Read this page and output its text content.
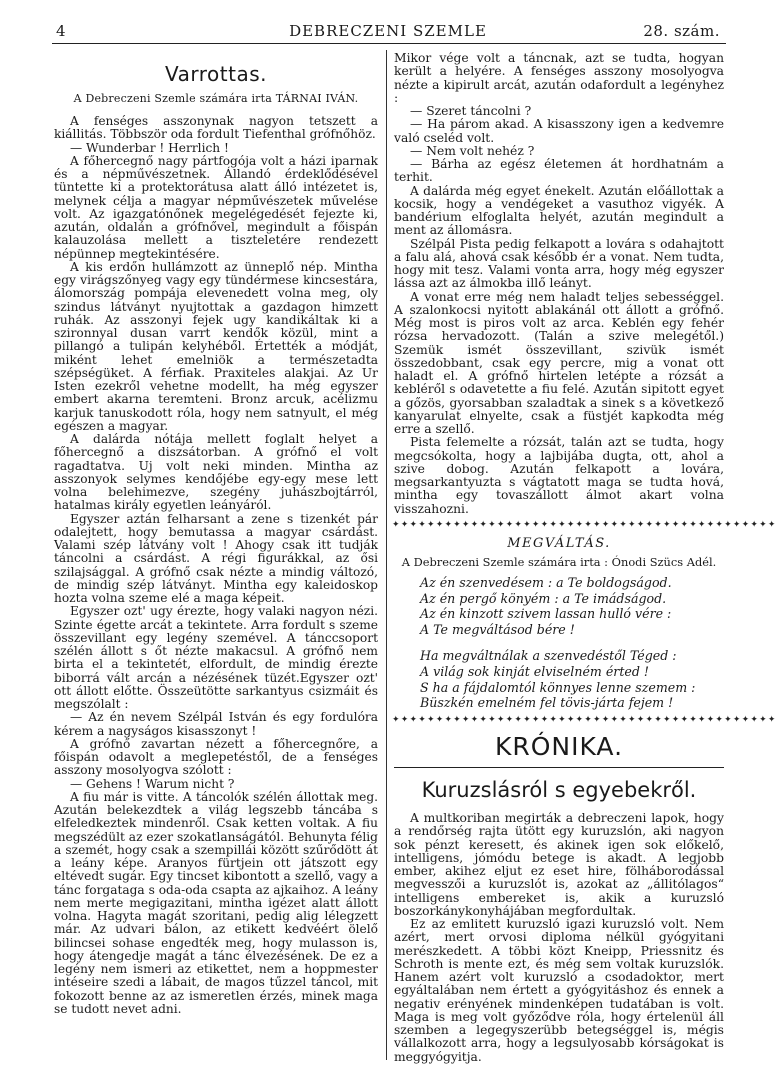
4	DEBRECZENI SZEMLE	28. szám.
Varrottas.
A Debreczeni Szemle számára irta TÁRNAI IVÁN.

A fenséges asszonynak nagyon tetszett a kiállitás. Többször oda fordult Tiefenthal grófnőhöz.

— Wunderbar ! Herrlich !

A főhercegnő nagy pártfogója volt a házi iparnak és a népművészetnek. Állandó érdeklődésével tüntette ki a protektorátusa alatt álló intézetet is, melynek célja a magyar népművészetek művelése volt. Az igazgatónőnek megelégedését fejezte ki, azután, oldalán a grófnővel, megindult a főispán kalauzolása mellett a tiszteletére rendezett népünnep megtekintésére.

A kis erdőn hullámzott az ünneplő nép. Mintha egy virágszőnyeg vagy egy tündérmese kincsestára, álomország pompája elevenedett volna meg, oly szindus látványt nyujtottak a gazdagon himzett ruhák. Az asszonyi fejek ugy kandikáltak ki a szironnyal dusan varrt kendők közül, mint a pillangó a tulipán kelyhéből. Értették a módját, miként lehet emelniök a természetadta szépségüket. A férfiak. Praxiteles alakjai. Az Ur Isten ezekről vehetne modellt, ha még egyszer embert akarna teremteni. Bronz arcuk, acélizmu karjuk tanuskodott róla, hogy nem satnyult, el még egészen a magyar.

A dalárda nótája mellett foglalt helyet a főhercegnő a diszsátorban. A grófnő el volt ragadtatva. Uj volt neki minden. Mintha az asszonyok selymes kendőjébe egy-egy mese lett volna belehimezve, szegény juhászbojtárról, hatalmas király egyetlen leányáról.

Egyszer aztán felharsant a zene s tizenkét pár odalejtett, hogy bemutassa a magyar csárdást. Valami szép látvány volt ! Ahogy csak itt tudják táncolni a csárdást. A régi figurákkal, az ősi szilajsággal. A grófnő csak nézte a mindig változó, de mindig szép látványt. Mintha egy kaleidoskop hozta volna szeme elé a maga képeit.

Egyszer ozt' ugy érezte, hogy valaki nagyon nézi. Szinte égette arcát a tekintete. Arra fordult s szeme összevillant egy legény szemével. A tánccsoport szélén állott s őt nézte makacsul. A grófnő nem birta el a tekintetét, elfordult, de mindig érezte biborrá vált arcán a nézésének tüzét.Egyszer ozt' ott állott előtte. Összeütötte sarkantyus csizmáit és megszólalt :

— Az én nevem Szélpál István és egy fordulóra kérem a nagyságos kisasszonyt !

A grófnő zavartan nézett a főhercegnőre, a főispán odavolt a meglepetéstől, de a fenséges asszony mosolyogva szólott :

— Gehens ! Warum nicht ?

A fiu már is vitte. A táncolók szélén állottak meg. Azután belekezdtek a világ legszebb táncába s elfeledkeztek mindenről. Csak ketten voltak. A fiu megszédült az ezer szokatlanságától. Behunyta félig a szemét, hogy csak a szempillái között szűrődött át a leány képe. Aranyos fürtjein ott játszott egy eltévedt sugár. Egy tincset kibontott a szellő, vagy a tánc forgataga s oda-oda csapta az ajkaihoz. A leány nem merte megigazitani, mintha igézet alatt állott volna. Hagyta magát szoritani, pedig alig lélegzett már. Az udvari bálon, az etikett kedvéért ölelő bilincsei sohase engedték meg, hogy mulasson is, hogy átengedje magát a tánc élvezésének. De ez a legény nem ismeri az etikettet, nem a hoppmester intéseire szedi a lábait, de magos tűzzel táncol, mit fokozott benne az az ismeretlen érzés, minek maga se tudott nevet adni.

Mikor vége volt a táncnak, azt se tudta, hogyan került a helyére. A fenséges asszony mosolyogva nézte a kipirult arcát, azután odafordult a legényhez :

— Szeret táncolni ?

— Ha párom akad. A kisasszony igen a kedvemre való cseléd volt.

— Nem volt nehéz ?

— Bárha az egész életemen át hordhatnám a terhit.

A dalárda még egyet énekelt. Azután előállottak a kocsik, hogy a vendégeket a vasuthoz vigyék. A bandérium elfoglalta helyét, azután megindult a ment az állomásra.

Szélpál Pista pedig felkapott a lovára s odahajtott a falu alá, ahová csak később ér a vonat. Nem tudta, hogy mit tesz. Valami vonta arra, hogy még egyszer lássa azt az álmokba illő leányt.

A vonat erre még nem haladt teljes sebességgel. A szalonkocsi nyitott ablakánál ott állott a grófnő. Még most is piros volt az arca. Keblén egy fehér rózsa hervadozott. (Talán a szive melegétől.) Szemük ismét összevillant, szivük ismét összedobbant, csak egy percre, mig a vonat ott haladt el. A grófnő hirtelen letépte a rózsát a kebléről s odavetette a fiu felé. Azután sipitott egyet a gőzös, gyorsabban szaladtak a sinek s a következő kanyarulat elnyelte, csak a füstjét kapkodta még erre a szellő.

Pista felemelte a rózsát, talán azt se tudta, hogy megcsókolta, hogy a lajbijába dugta, ott, ahol a szive dobog. Azután felkapott a lovára, megsarkantyuzta s vágtatott maga se tudta hová, mintha egy tovaszállott álmot akart volna visszahozni.

✦✦✦✦✦✦✦✦✦✦✦✦✦✦✦✦✦✦✦✦✦✦✦✦✦✦✦✦✦✦✦✦✦✦✦✦✦✦✦✦✦✦✦✦
MEGVÁLTÁS.
A Debreczeni Szemle számára irta : Ónodi Szücs Adél.
Az én szenvedésem : a Te boldogságod.
Az én pergő könyém : a Te imádságod.
Az én kinzott szivem lassan hulló vére :
A Te megváltásod bére !
Ha megváltnálak a szenvedéstől Téged :
A világ sok kinját elviselném érted !
S ha a fájdalomtól könnyes lenne szemem :
Büszkén emelném fel tövis-járta fejem !
✦✦✦✦✦✦✦✦✦✦✦✦✦✦✦✦✦✦✦✦✦✦✦✦✦✦✦✦✦✦✦✦✦✦✦✦✦✦✦✦✦✦✦✦
KRÓNIKA.
Kuruzslásról s egyebekről.

A multkoriban megirták a debreczeni lapok, hogy a rendőrség rajta ütött egy kuruzslón, aki nagyon sok pénzt keresett, és akinek igen sok előkelő, intelligens, jómódu betege is akadt. A legjobb ember, akihez eljut ez eset hire, fölháborodással megvesszői a kuruzslót is, azokat az „állitólagos“ intelligens embereket is, akik a kuruzsló boszorkánykonyhájában megfordultak.

Ez az emlitett kuruzsló igazi kuruzsló volt. Nem azért, mert orvosi diploma nélkül gyógyitani merészkedett. A többi közt Kneipp, Priessnitz és Schroth is mente ezt, és még sem voltak kuruzslók. Hanem azért volt kuruzsló a csodadoktor, mert egyáltalában nem értett a gyógyitáshoz és ennek a negativ erényének mindenképen tudatában is volt. Maga is meg volt győződve róla, hogy értelenül áll szemben a legegyszerübb betegséggel is, mégis vállalkozott arra, hogy a legsulyosabb kórságokat is meggyógyitja.
